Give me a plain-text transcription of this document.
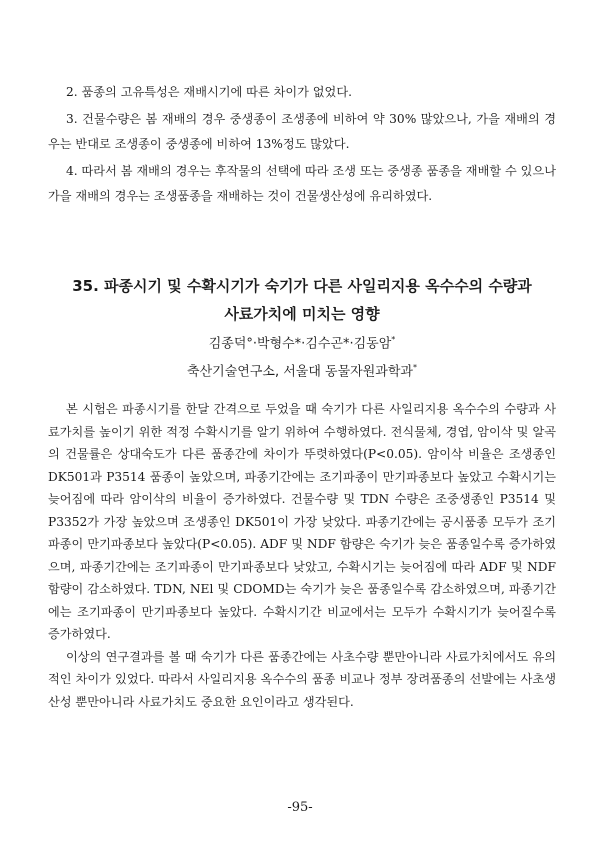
2. 품종의 고유특성은 재배시기에 따른 차이가 없었다.

3. 건물수량은 봄 재배의 경우 중생종이 조생종에 비하여 약 30% 많았으나, 가을 재배의 경우는 반대로 조생종이 중생종에 비하여 13%정도 많았다.

4. 따라서 봄 재배의 경우는 후작물의 선택에 따라 조생 또는 중생종 품종을 재배할 수 있으나 가을 재배의 경우는 조생품종을 재배하는 것이 건물생산성에 유리하였다.

35. 파종시기 및 수확시기가 숙기가 다른 사일리지용 옥수수의 수량과
사료가치에 미치는 영향
김종덕°·박형수*·김수곤*·김동암*
축산기술연구소, 서울대 동물자원과학과*

본 시험은 파종시기를 한달 간격으로 두었을 때 숙기가 다른 사일리지용 옥수수의 수량과 사료가치를 높이기 위한 적정 수확시기를 알기 위하여 수행하였다. 전식물체, 경엽, 암이삭 및 알곡의 건물률은 상대숙도가 다른 품종간에 차이가 뚜렷하였다(P<0.05). 암이삭 비율은 조생종인 DK501과 P3514 품종이 높았으며, 파종기간에는 조기파종이 만기파종보다 높았고 수확시기는 늦어짐에 따라 암이삭의 비율이 증가하였다. 건물수량 및 TDN 수량은 조중생종인 P3514 및 P3352가 가장 높았으며 조생종인 DK501이 가장 낮았다. 파종기간에는 공시품종 모두가 조기파종이 만기파종보다 높았다(P<0.05). ADF 및 NDF 함량은 숙기가 늦은 품종일수록 증가하였으며, 파종기간에는 조기파종이 만기파종보다 낮았고, 수확시기는 늦어짐에 따라 ADF 및 NDF 함량이 감소하였다. TDN, NEl 및 CDOMD는 숙기가 늦은 품종일수록 감소하였으며, 파종기간에는 조기파종이 만기파종보다 높았다. 수확시기간 비교에서는 모두가 수확시기가 늦어질수록 증가하였다.

이상의 연구결과를 볼 때 숙기가 다른 품종간에는 사초수량 뿐만아니라 사료가치에서도 유의적인 차이가 있었다. 따라서 사일리지용 옥수수의 품종 비교나 정부 장려품종의 선발에는 사초생산성 뿐만아니라 사료가치도 중요한 요인이라고 생각된다.

-95-
